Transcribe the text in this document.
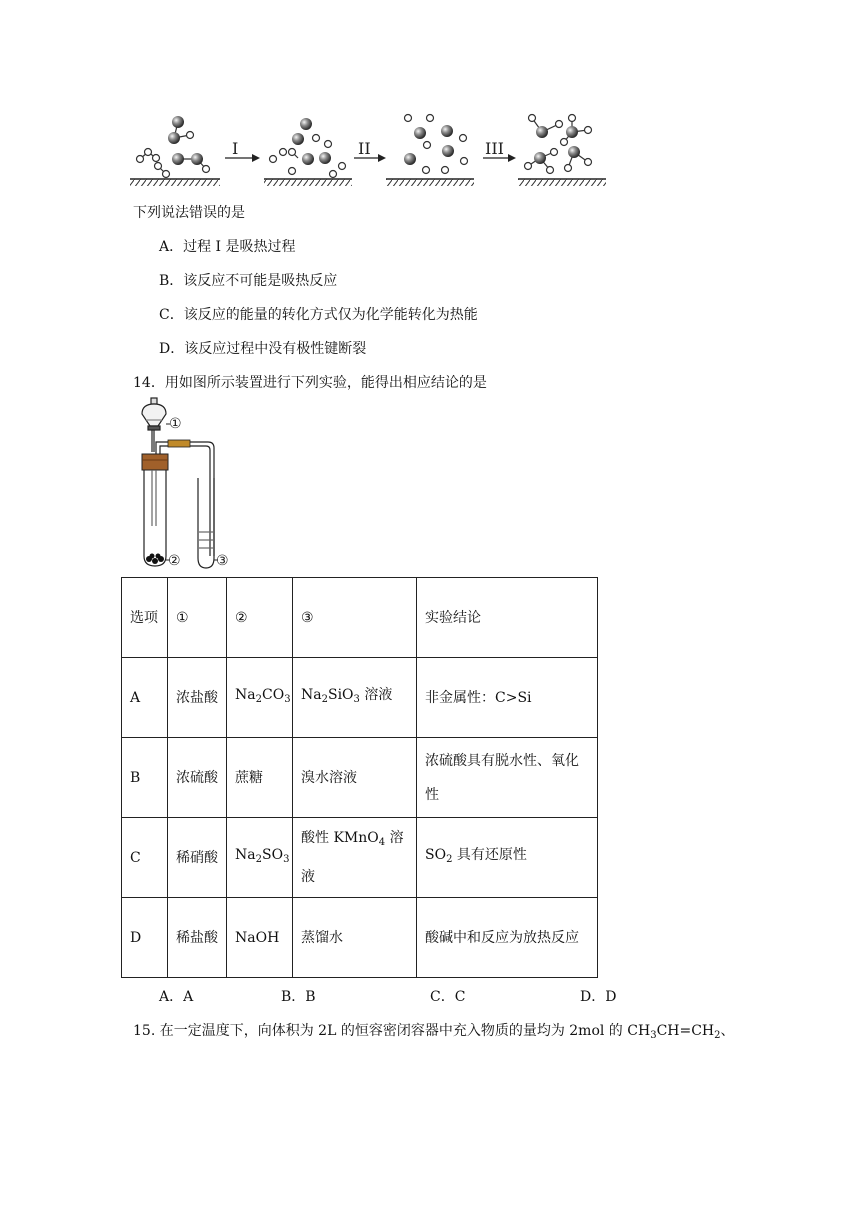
I	II	III
下列说法错误的是
A．过程 I 是吸热过程
B．该反应不可能是吸热反应
C．该反应的能量的转化方式仅为化学能转化为热能
D．该反应过程中没有极性键断裂
14．用如图所示装置进行下列实验，能得出相应结论的是
①
②	③
选项	①	②	③	实验结论
A	浓盐酸	$Na_2CO_3$	$Na_2SiO_3$ 溶液	非金属性：C>Si
B	浓硫酸	蔗糖	溴水溶液	浓硫酸具有脱水性、氧化性
C	稀硝酸	$Na_2SO_3$	酸性 KMnO$_4$ 溶液	$SO_2$ 具有还原性
D	稀盐酸	NaOH	蒸馏水	酸碱中和反应为放热反应
A．A	B．B	C．C	D．D
15. 在一定温度下，向体积为 2L 的恒容密闭容器中充入物质的量均为 2mol 的 $CH_3CH=CH_2$、
